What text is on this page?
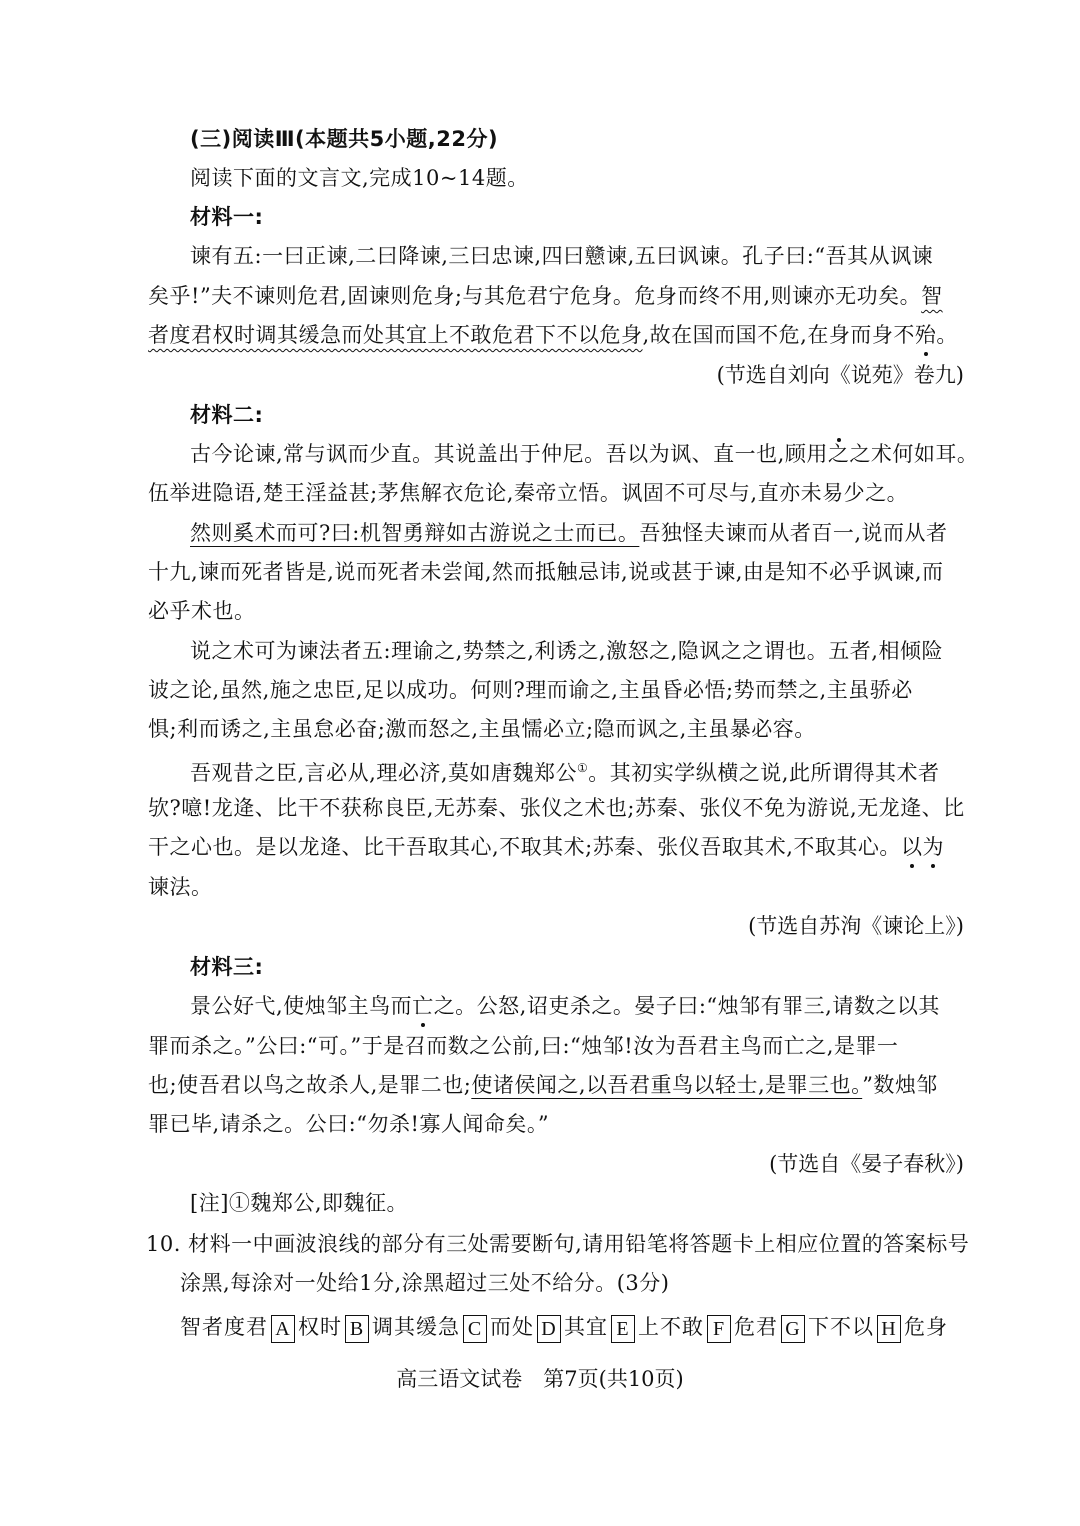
(三)阅读Ⅲ(本题共5小题,22分)
阅读下面的文言文,完成10~14题。
材料一:
谏有五:一曰正谏,二曰降谏,三曰忠谏,四曰戆谏,五曰讽谏。孔子曰:“吾其从讽谏
矣乎!”夫不谏则危君,固谏则危身;与其危君宁危身。危身而终不用,则谏亦无功矣。智
者度君权时调其缓急而处其宜上不敢危君下不以危身,故在国而国不危,在身而身不殆。
(节选自刘向《说苑》卷九)
材料二:
古今论谏,常与讽而少直。其说盖出于仲尼。吾以为讽、直一也,顾用之之术何如耳。
伍举进隐语,楚王淫益甚;茅焦解衣危论,秦帝立悟。讽固不可尽与,直亦未易少之。
然则奚术而可?曰:机智勇辩如古游说之士而已。吾独怪夫谏而从者百一,说而从者
十九,谏而死者皆是,说而死者未尝闻,然而抵触忌讳,说或甚于谏,由是知不必乎讽谏,而
必乎术也。
说之术可为谏法者五:理谕之,势禁之,利诱之,激怒之,隐讽之之谓也。五者,相倾险
诐之论,虽然,施之忠臣,足以成功。何则?理而谕之,主虽昏必悟;势而禁之,主虽骄必
惧;利而诱之,主虽怠必奋;激而怒之,主虽懦必立;隐而讽之,主虽暴必容。
吾观昔之臣,言必从,理必济,莫如唐魏郑公①。其初实学纵横之说,此所谓得其术者
欤?噫!龙逄、比干不获称良臣,无苏秦、张仪之术也;苏秦、张仪不免为游说,无龙逄、比
干之心也。是以龙逄、比干吾取其心,不取其术;苏秦、张仪吾取其术,不取其心。以为
谏法。
(节选自苏洵《谏论上》)
材料三:
景公好弋,使烛邹主鸟而亡之。公怒,诏吏杀之。晏子曰:“烛邹有罪三,请数之以其
罪而杀之。”公曰:“可。”于是召而数之公前,曰:“烛邹!汝为吾君主鸟而亡之,是罪一
也;使吾君以鸟之故杀人,是罪二也;使诸侯闻之,以吾君重鸟以轻士,是罪三也。”数烛邹
罪已毕,请杀之。公曰:“勿杀!寡人闻命矣。”
(节选自《晏子春秋》)
[注]①魏郑公,即魏征。
10. 材料一中画波浪线的部分有三处需要断句,请用铅笔将答题卡上相应位置的答案标号
涂黑,每涂对一处给1分,涂黑超过三处不给分。(3分)
智者度君 A 权时 B 调其缓急 C 而处 D 其宜 E 上不敢 F 危君 G 下不以 H 危身
高三语文试卷　第7页(共10页)
